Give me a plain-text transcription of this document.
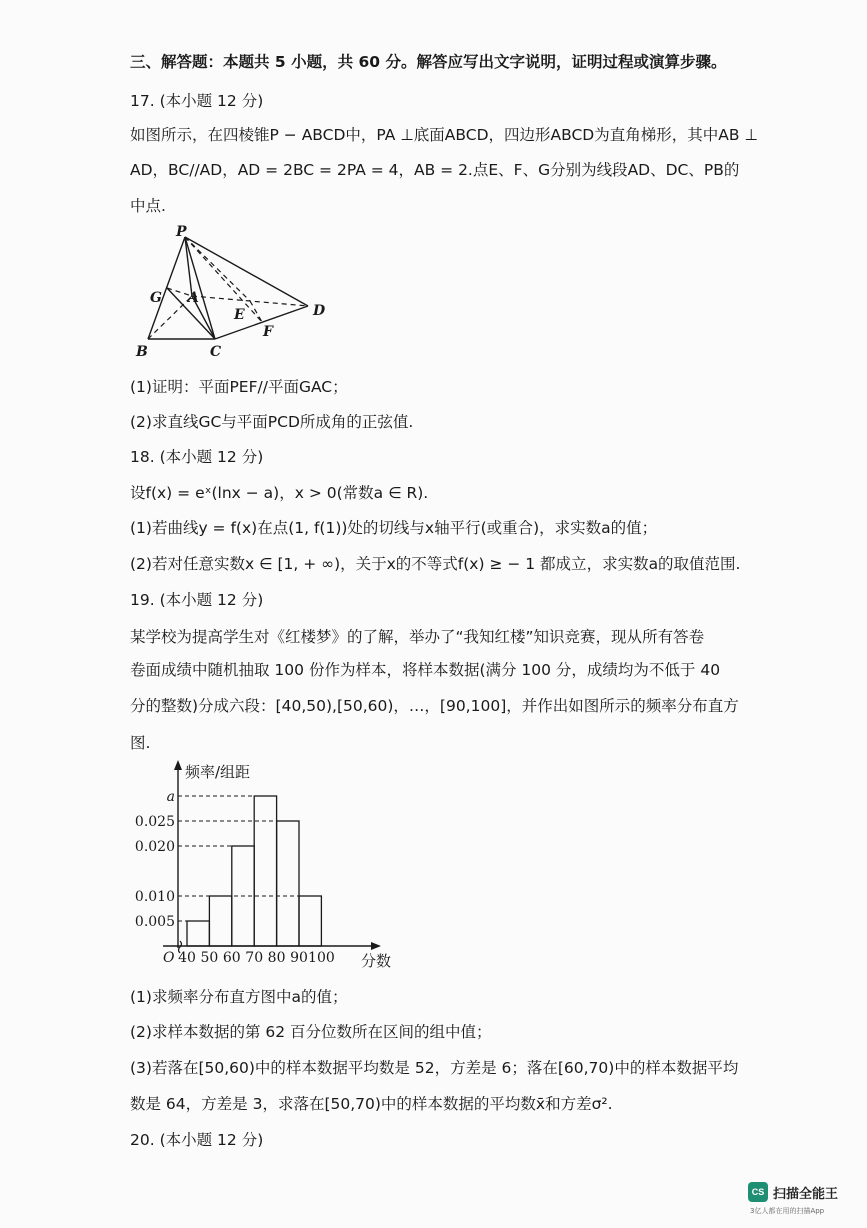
三、解答题：本题共 5 小题，共 60 分。解答应写出文字说明，证明过程或演算步骤。
17. (本小题 12 分)
如图所示，在四棱锥P − ABCD中，PA ⊥底面ABCD，四边形ABCD为直角梯形，其中AB ⊥
AD，BC//AD，AD = 2BC = 2PA = 4，AB = 2.点E、F、G分别为线段AD、DC、PB的
中点.
P
G A
E
F
D
B	C
(1)证明：平面PEF//平面GAC；
(2)求直线GC与平面PCD所成角的正弦值.
18. (本小题 12 分)
设f(x) = eˣ(lnx − a)，x > 0(常数a ∈ R).
(1)若曲线y = f(x)在点(1, f(1))处的切线与x轴平行(或重合)，求实数a的值；
(2)若对任意实数x ∈ [1, + ∞)，关于x的不等式f(x) ≥ − 1 都成立，求实数a的取值范围.
19. (本小题 12 分)
某学校为提高学生对《红楼梦》的了解，举办了“我知红楼”知识竞赛，现从所有答卷
卷面成绩中随机抽取 100 份作为样本，将样本数据(满分 100 分，成绩均为不低于 40
分的整数)分成六段：[40,50),[50,60)，…，[90,100]，并作出如图所示的频率分布直方
图.
0.005
0.010
0.020
0.025
a
40 50 60 70 80 90 100
频率/组距
分数
O
(1)求频率分布直方图中a的值；
(2)求样本数据的第 62 百分位数所在区间的组中值；
(3)若落在[50,60)中的样本数据平均数是 52，方差是 6；落在[60,70)中的样本数据平均
数是 64，方差是 3，求落在[50,70)中的样本数据的平均数x̄和方差σ².
20. (本小题 12 分)
CS 扫描全能王
3亿人都在用的扫描App
